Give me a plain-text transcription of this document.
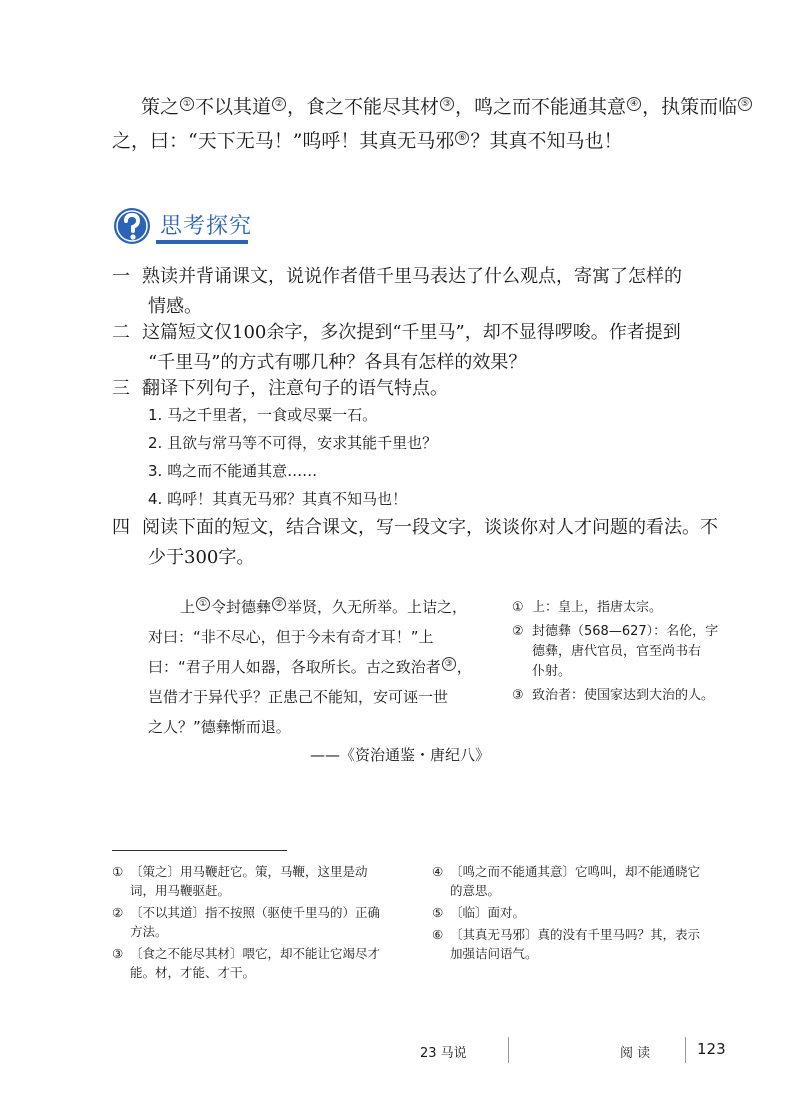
策之 ① 不以其道 ② ，食之不能尽其材 ③ ，鸣之而不能通其意 ④ ，执策而临 ⑤
之，曰：“天下无马！”呜呼！其真无马邪 ⑥ ？其真不知马也！
思考探究
一 熟读并背诵课文，说说作者借千里马表达了什么观点，寄寓了怎样的
情感。
二 这篇短文仅100余字，多次提到“千里马”，却不显得啰唆。作者提到
“千里马”的方式有哪几种？各具有怎样的效果？
三 翻译下列句子，注意句子的语气特点。
1. 马之千里者，一食或尽粟一石。
2. 且欲与常马等不可得，安求其能千里也？
3. 鸣之而不能通其意……
4. 呜呼！其真无马邪？其真不知马也！
四 阅读下面的短文，结合课文，写一段文字，谈谈你对人才问题的看法。不
少于300字。
上 ① 令封德彝 ② 举贤，久无所举。上诘之，
对曰：“非不尽心，但于今未有奇才耳！”上
曰：“君子用人如器，各取所长。古之致治者 ③ ，
岂借才于异代乎？正患己不能知，安可诬一世
之人？”德彝惭而退。
——《资治通鉴・唐纪八》
① 上：皇上，指唐太宗。
② 封德彝（568—627）：名伦，字
德彝，唐代官员，官至尚书右
仆射。
③ 致治者：使国家达到大治的人。
① 〔策之〕用马鞭赶它。策，马鞭，这里是动
词，用马鞭驱赶。
② 〔不以其道〕指不按照（驱使千里马的）正确
方法。
③ 〔食之不能尽其材〕喂它，却不能让它竭尽才
能。材，才能、才干。
④ 〔鸣之而不能通其意〕它鸣叫，却不能通晓它
的意思。
⑤ 〔临〕面对。
⑥ 〔其真无马邪〕真的没有千里马吗？其，表示
加强诘问语气。
23 马说	阅 读	123
